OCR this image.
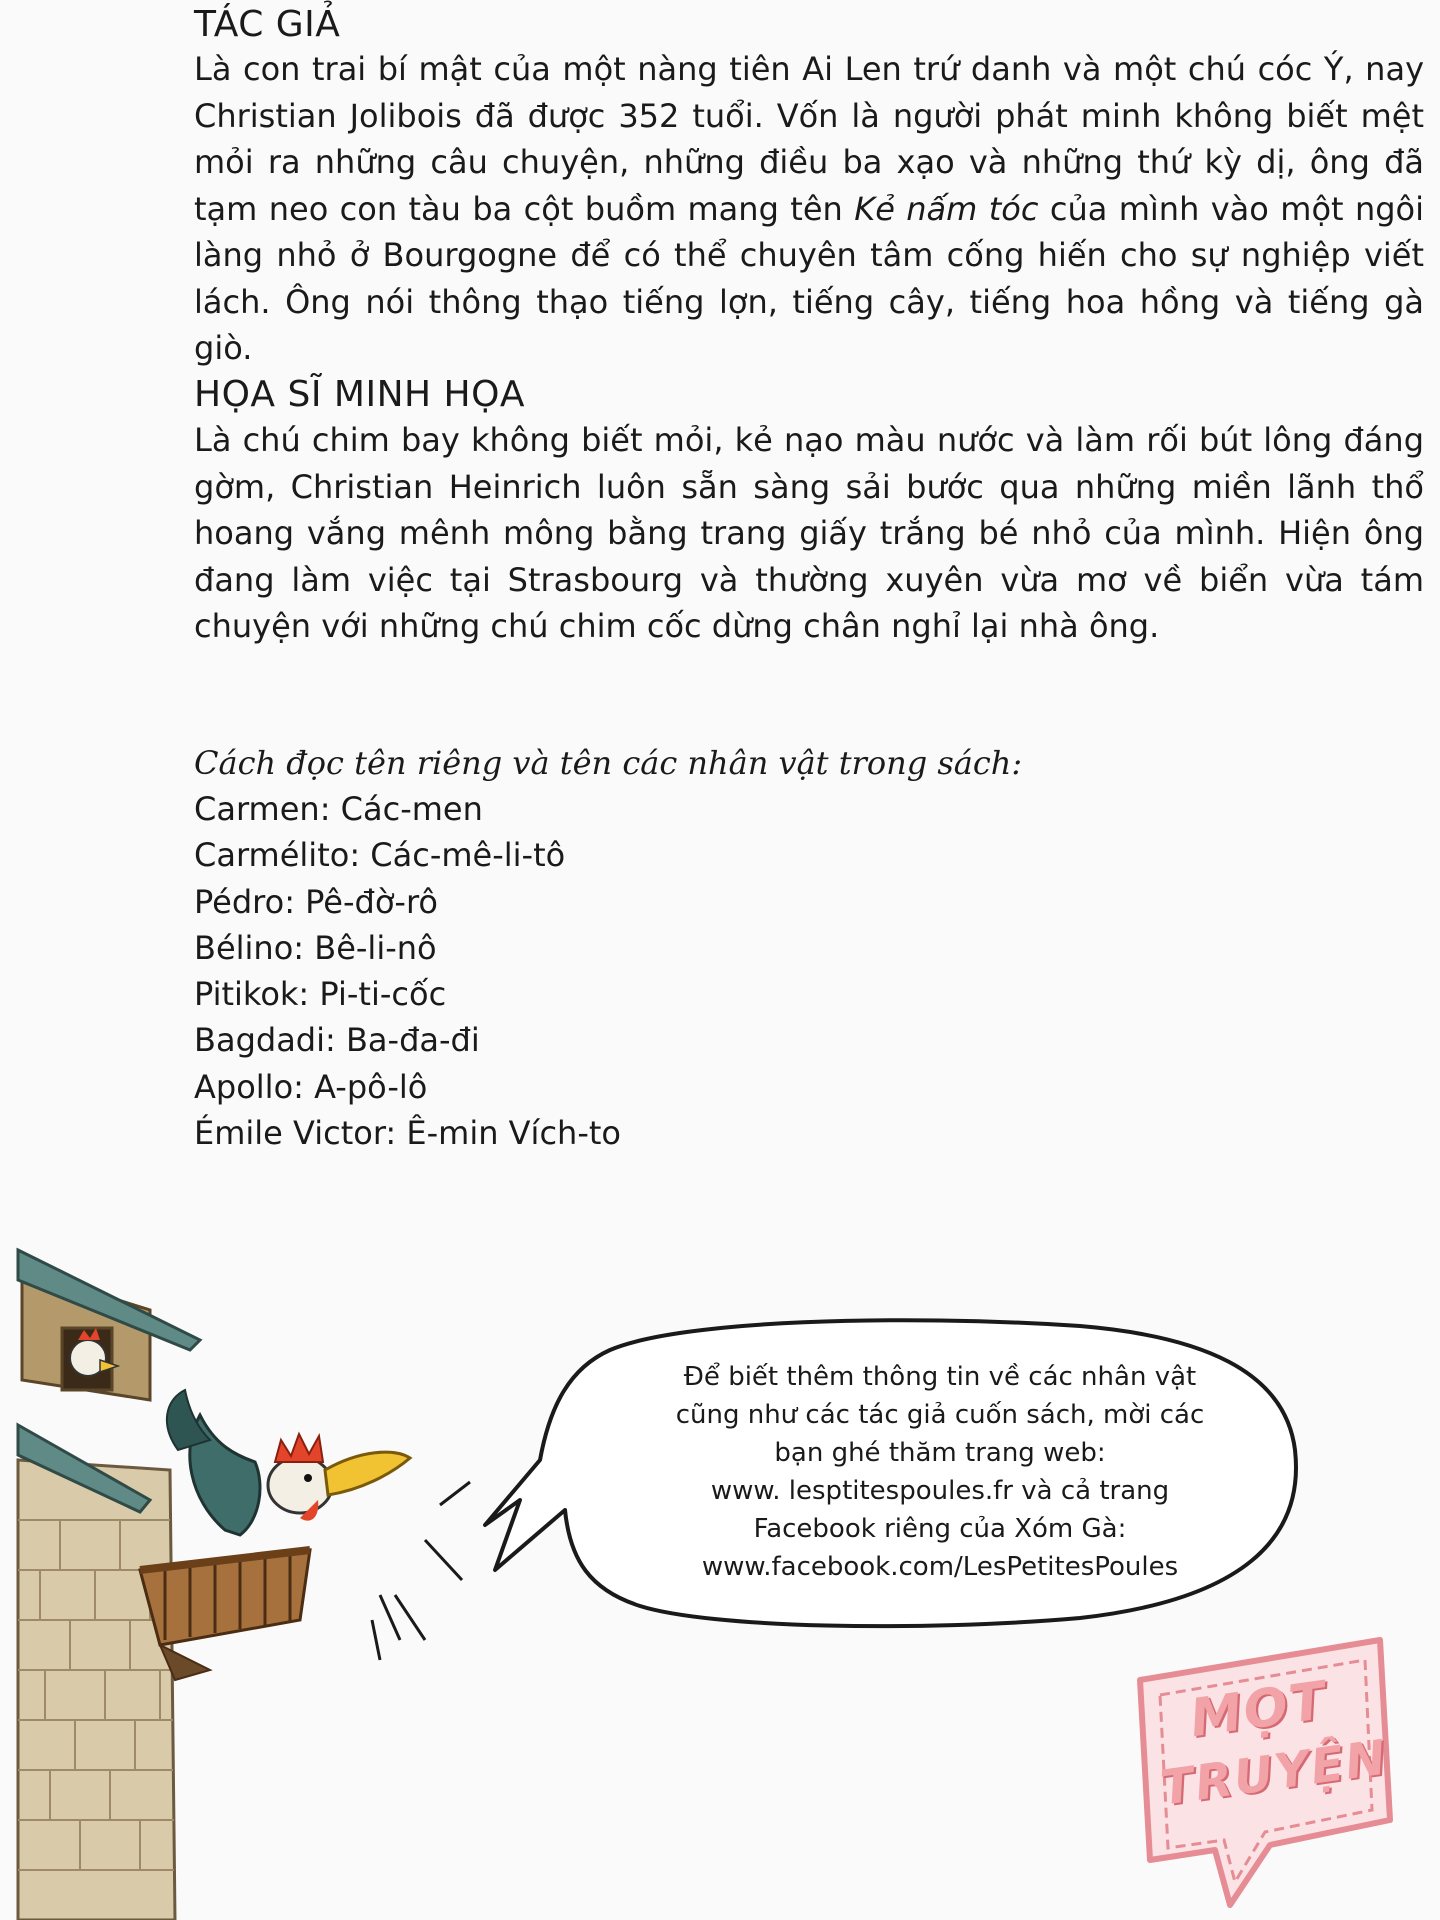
TÁC GIẢ

Là con trai bí mật của một nàng tiên Ai Len trứ danh và một chú cóc Ý, nay Christian Jolibois đã được 352 tuổi. Vốn là người phát minh không biết mệt mỏi ra những câu chuyện, những điều ba xạo và những thứ kỳ dị, ông đã tạm neo con tàu ba cột buồm mang tên Kẻ nấm tóc của mình vào một ngôi làng nhỏ ở Bourgogne để có thể chuyên tâm cống hiến cho sự nghiệp viết lách. Ông nói thông thạo tiếng lợn, tiếng cây, tiếng hoa hồng và tiếng gà giò.

HỌA SĨ MINH HỌA

Là chú chim bay không biết mỏi, kẻ nạo màu nước và làm rối bút lông đáng gờm, Christian Heinrich luôn sẵn sàng sải bước qua những miền lãnh thổ hoang vắng mênh mông bằng trang giấy trắng bé nhỏ của mình. Hiện ông đang làm việc tại Strasbourg và thường xuyên vừa mơ về biển vừa tám chuyện với những chú chim cốc dừng chân nghỉ lại nhà ông.

Cách đọc tên riêng và tên các nhân vật trong sách:

Carmen: Các-men
Carmélito: Các-mê-li-tô
Pédro: Pê-đờ-rô
Bélino: Bê-li-nô
Pitikok: Pi-ti-cốc
Bagdadi: Ba-đa-đi
Apollo: A-pô-lô
Émile Victor: Ê-min Vích-to

Để biết thêm thông tin về các nhân vật
cũng như các tác giả cuốn sách, mời các
bạn ghé thăm trang web:
www. lesptitespoules.fr và cả trang
Facebook riêng của Xóm Gà:
www.facebook.com/LesPetitesPoules

MỌT
TRUYỆN
